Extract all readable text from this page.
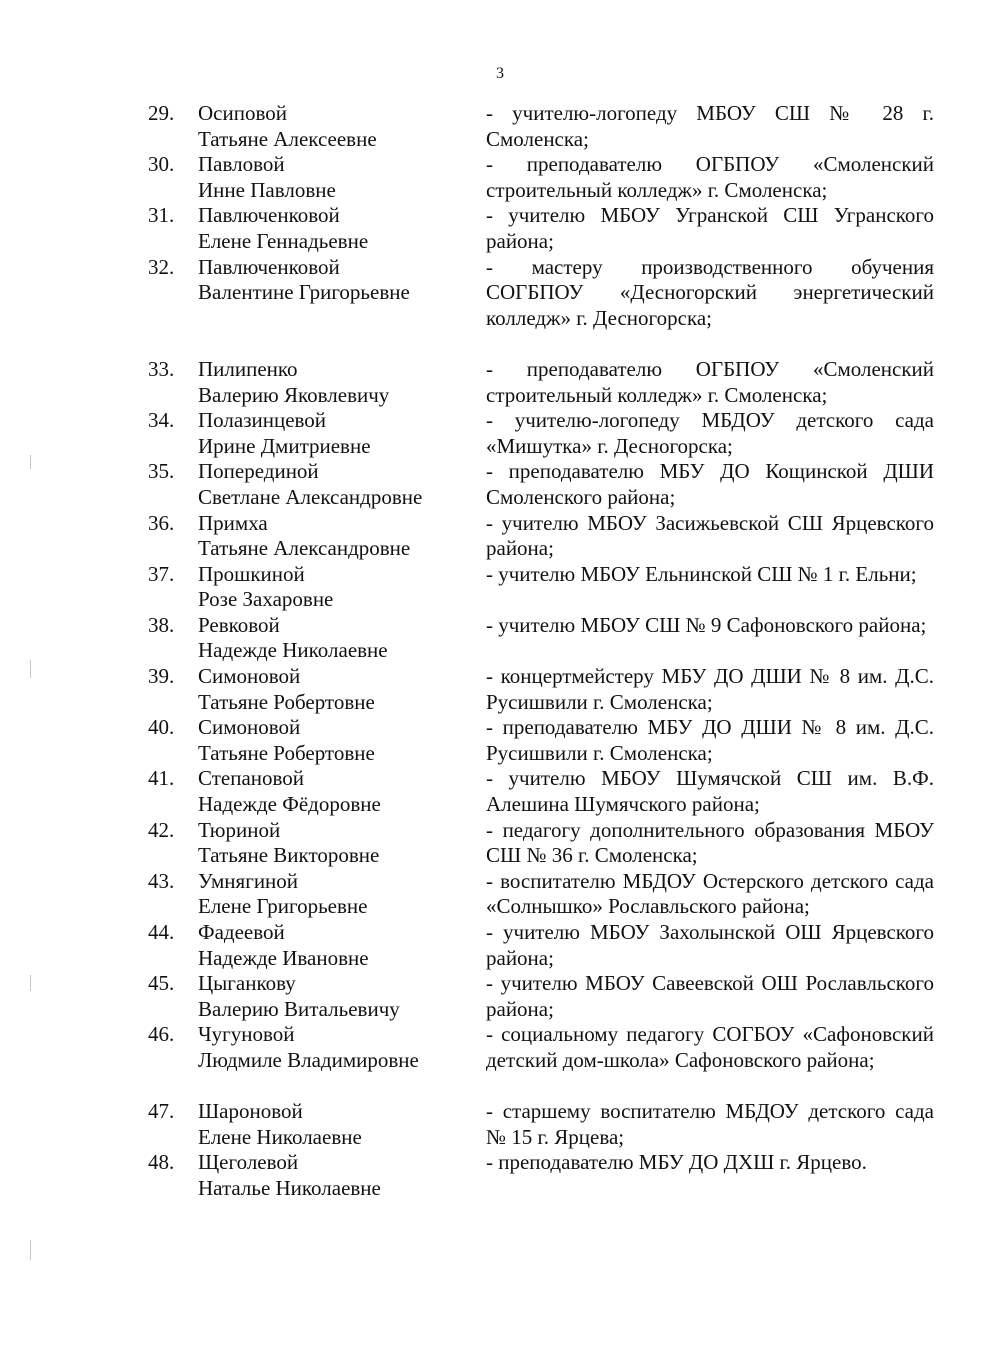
3
29.	Осиповой
Татьяне Алексеевне
- учителю-логопеду МБОУ СШ № 28 г. Смоленска;
30.	Павловой
Инне Павловне
- преподавателю ОГБПОУ «Смоленский строительный колледж» г. Смоленска;
31.	Павлюченковой
Елене Геннадьевне
- учителю МБОУ Угранской СШ Угранского района;
32.	Павлюченковой
Валентине Григорьевне
- мастеру производственного обучения СОГБПОУ «Десногорский энергетический колледж» г. Десногорска;
33.	Пилипенко
Валерию Яковлевичу
- преподавателю ОГБПОУ «Смоленский строительный колледж» г. Смоленска;
34.	Полазинцевой
Ирине Дмитриевне
- учителю-логопеду МБДОУ детского сада «Мишутка» г. Десногорска;
35.	Поперединой
Светлане Александровне
- преподавателю МБУ ДО Кощинской ДШИ Смоленского района;
36.	Примха
Татьяне Александровне
- учителю МБОУ Засижьевской СШ Ярцевского района;
37.	Прошкиной
Розе Захаровне
- учителю МБОУ Ельнинской СШ № 1 г. Ельни;
38.	Ревковой
Надежде Николаевне
- учителю МБОУ СШ № 9 Сафоновского района;
39.	Симоновой
Татьяне Робертовне
- концертмейстеру МБУ ДО ДШИ № 8 им. Д.С. Русишвили г. Смоленска;
40.	Симоновой
Татьяне Робертовне
- преподавателю МБУ ДО ДШИ № 8 им. Д.С. Русишвили г. Смоленска;
41.	Степановой
Надежде Фёдоровне
- учителю МБОУ Шумячской СШ им. В.Ф. Алешина Шумячского района;
42.	Тюриной
Татьяне Викторовне
- педагогу дополнительного образования МБОУ СШ № 36 г. Смоленска;
43.	Умнягиной
Елене Григорьевне
- воспитателю МБДОУ Остерского детского сада «Солнышко» Рославльского района;
44.	Фадеевой
Надежде Ивановне
- учителю МБОУ Захолынской ОШ Ярцевского района;
45.	Цыганкову
Валерию Витальевичу
- учителю МБОУ Савеевской ОШ Рославльского района;
46.	Чугуновой
Людмиле Владимировне
- социальному педагогу СОГБОУ «Сафоновский детский дом-школа» Сафоновского района;
47.	Шароновой
Елене Николаевне
- старшему воспитателю МБДОУ детского сада № 15 г. Ярцева;
48.	Щеголевой
Наталье Николаевне
- преподавателю МБУ ДО ДХШ г. Ярцево.
